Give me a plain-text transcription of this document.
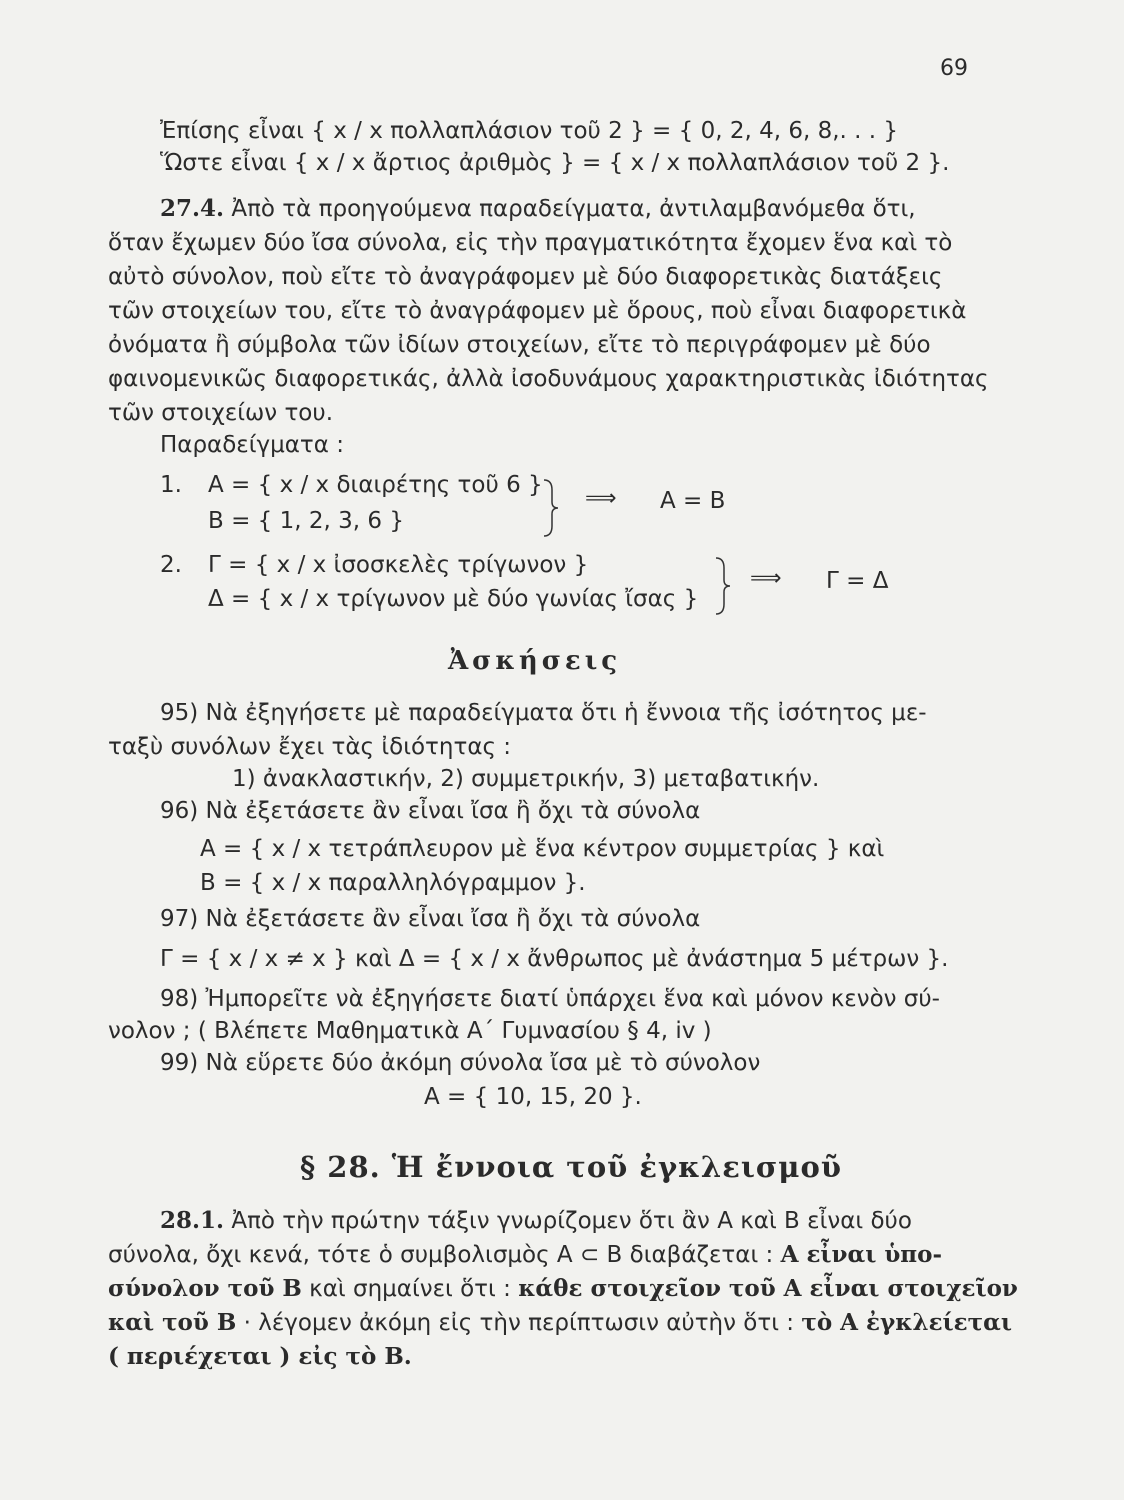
69
Ἐπίσης εἶναι { x / x πολλαπλάσιον τοῦ 2 } = { 0, 2, 4, 6, 8,. . . }
Ὥστε εἶναι { x / x ἄρτιος ἀριθμὸς } = { x / x πολλαπλάσιον τοῦ 2 }.
27.4. Ἀπὸ τὰ προηγούμενα παραδείγματα, ἀντιλαμβανόμεθα ὅτι,
ὅταν ἔχωμεν δύο ἴσα σύνολα, εἰς τὴν πραγματικότητα ἔχομεν ἕνα καὶ τὸ
αὐτὸ σύνολον, ποὺ εἴτε τὸ ἀναγράφομεν μὲ δύο διαφορετικὰς διατάξεις
τῶν στοιχείων του, εἴτε τὸ ἀναγράφομεν μὲ ὅρους, ποὺ εἶναι διαφορετικὰ
ὀνόματα ἢ σύμβολα τῶν ἰδίων στοιχείων, εἴτε τὸ περιγράφομεν μὲ δύο
φαινομενικῶς διαφορετικάς, ἀλλὰ ἰσοδυνάμους χαρακτηριστικὰς ἰδιότητας
τῶν στοιχείων του.
Παραδείγματα :
1. A = { x / x διαιρέτης τοῦ 6 }
B = { 1, 2, 3, 6 }
⟹ A = B
2. Γ = { x / x ἰσοσκελὲς τρίγωνον }
Δ = { x / x τρίγωνον μὲ δύο γωνίας ἴσας }
⟹ Γ = Δ
Ἀσκήσεις
95) Νὰ ἐξηγήσετε μὲ παραδείγματα ὅτι ἡ ἔννοια τῆς ἰσότητος με-
ταξὺ συνόλων ἔχει τὰς ἰδιότητας :
1) ἀνακλαστικήν, 2) συμμετρικήν, 3) μεταβατικήν.
96) Νὰ ἐξετάσετε ἂν εἶναι ἴσα ἢ ὄχι τὰ σύνολα
A = { x / x τετράπλευρον μὲ ἕνα κέντρον συμμετρίας } καὶ
B = { x / x παραλληλόγραμμον }.
97) Νὰ ἐξετάσετε ἂν εἶναι ἴσα ἢ ὄχι τὰ σύνολα
Γ = { x / x ≠ x } καὶ Δ = { x / x ἄνθρωπος μὲ ἀνάστημα 5 μέτρων }.
98) Ἠμπορεῖτε νὰ ἐξηγήσετε διατί ὑπάρχει ἕνα καὶ μόνον κενὸν σύ-
νολον ; ( Βλέπετε Μαθηματικὰ Α΄ Γυμνασίου § 4, iv )
99) Νὰ εὕρετε δύο ἀκόμη σύνολα ἴσα μὲ τὸ σύνολον
A = { 10, 15, 20 }.
§ 28. Ἡ ἔννοια τοῦ ἐγκλεισμοῦ
28.1. Ἀπὸ τὴν πρώτην τάξιν γνωρίζομεν ὅτι ἂν A καὶ B εἶναι δύο
σύνολα, ὄχι κενά, τότε ὁ συμβολισμὸς A ⊂ B διαβάζεται : A εἶναι ὑπο-
σύνολον τοῦ B καὶ σημαίνει ὅτι : κάθε στοιχεῖον τοῦ A εἶναι στοιχεῖον
καὶ τοῦ B · λέγομεν ἀκόμη εἰς τὴν περίπτωσιν αὐτὴν ὅτι : τὸ A ἐγκλείεται
( περιέχεται ) εἰς τὸ B.
